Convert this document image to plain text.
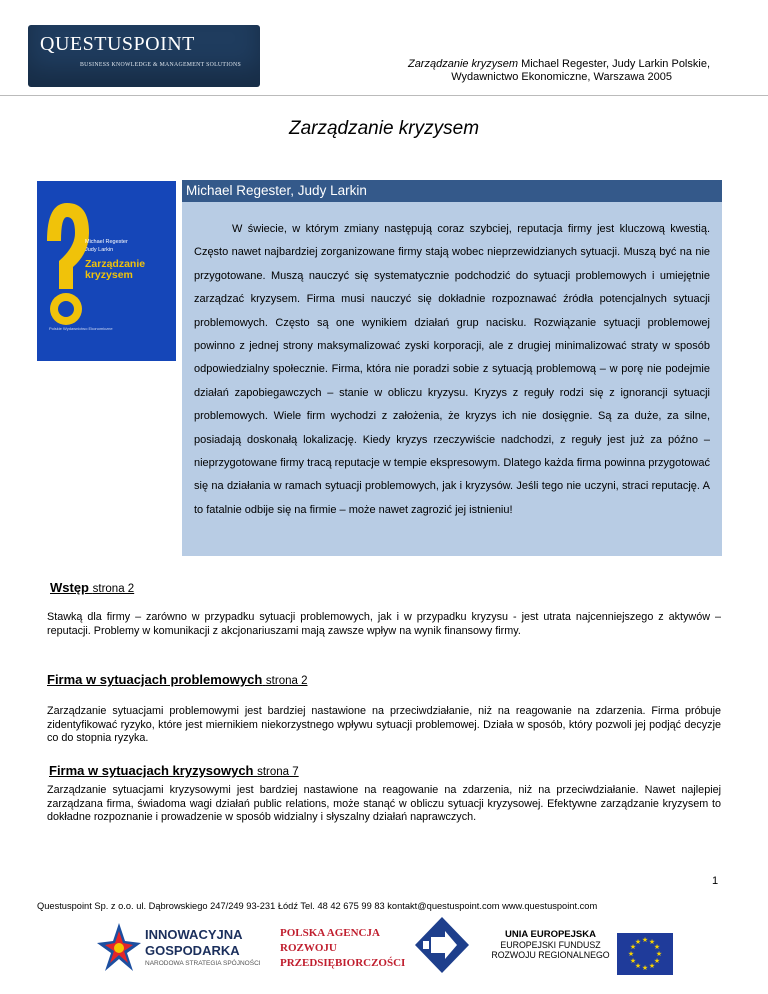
QUESTUSPOINT
BUSINESS KNOWLEDGE & MANAGEMENT SOLUTIONS	Zarządzanie kryzysem Michael Regester, Judy Larkin Polskie,
Wydawnictwo Ekonomiczne, Warszawa 2005
Zarządzanie kryzysem
Michael Regester
Judy Larkin
Zarządzanie
kryzysem
Polskie Wydawnictwo Ekonomiczne
Michael Regester, Judy Larkin
W świecie, w którym zmiany następują coraz szybciej, reputacja firmy jest kluczową kwestią. Często nawet najbardziej zorganizowane firmy stają wobec nieprzewidzianych sytuacji. Muszą być na nie przygotowane. Muszą nauczyć się systematycznie podchodzić do sytuacji problemowych i umiejętnie zarządzać kryzysem. Firma musi nauczyć się dokładnie rozpoznawać źródła potencjalnych sytuacji problemowych. Często są one wynikiem działań grup nacisku. Rozwiązanie sytuacji problemowej powinno z jednej strony maksymalizować zyski korporacji, ale z drugiej minimalizować straty w sposób odpowiedzialny społecznie. Firma, która nie poradzi sobie z sytuacją problemową – w porę nie podejmie działań zapobiegawczych – stanie w obliczu kryzysu. Kryzys z reguły rodzi się z ignorancji sytuacji problemowych. Wiele firm wychodzi z założenia, że kryzys ich nie dosięgnie. Są za duże, za silne, posiadają doskonałą lokalizację. Kiedy kryzys rzeczywiście nadchodzi, z reguły jest już za późno – nieprzygotowane firmy tracą reputacje w tempie ekspresowym. Dlatego każda firma powinna przygotować się na działania w ramach sytuacji problemowych, jak i kryzysów. Jeśli tego nie uczyni, straci reputację. A to fatalnie odbije się na firmie – może nawet zagrozić jej istnieniu!
Wstęp strona 2
Stawką dla firmy – zarówno w przypadku sytuacji problemowych, jak i w przypadku kryzysu - jest utrata najcenniejszego z aktywów – reputacji. Problemy w komunikacji z akcjonariuszami mają zawsze wpływ na wynik finansowy firmy.
Firma w sytuacjach problemowych strona 2
Zarządzanie sytuacjami problemowymi jest bardziej nastawione na przeciwdziałanie, niż na reagowanie na zdarzenia. Firma próbuje zidentyfikować ryzyko, które jest miernikiem niekorzystnego wpływu sytuacji problemowej. Działa w sposób, który pozwoli jej podjąć decyzje co do stopnia ryzyka.
Firma w sytuacjach kryzysowych strona 7
Zarządzanie sytuacjami kryzysowymi jest bardziej nastawione na reagowanie na zdarzenia, niż na przeciwdziałanie. Nawet najlepiej zarządzana firma, świadoma wagi działań public relations, może stanąć w obliczu sytuacji kryzysowej. Efektywne zarządzanie kryzysem to dokładne rozpoznanie i prowadzenie w sposób widzialny i słyszalny działań naprawczych.
1
Questuspoint Sp. z o.o. ul. Dąbrowskiego 247/249 93-231 Łódź Tel. 48 42 675 99 83 kontakt@questuspoint.com www.questuspoint.com
INNOWACYJNA
GOSPODARKA
NARODOWA STRATEGIA SPÓJNOŚCI
POLSKA AGENCJA
ROZWOJU
PRZEDSIĘBIORCZOŚCI
UNIA EUROPEJSKA
EUROPEJSKI FUNDUSZ
ROZWOJU REGIONALNEGO
★ ★
★
★
★
★
★
★
★
★
★
★
